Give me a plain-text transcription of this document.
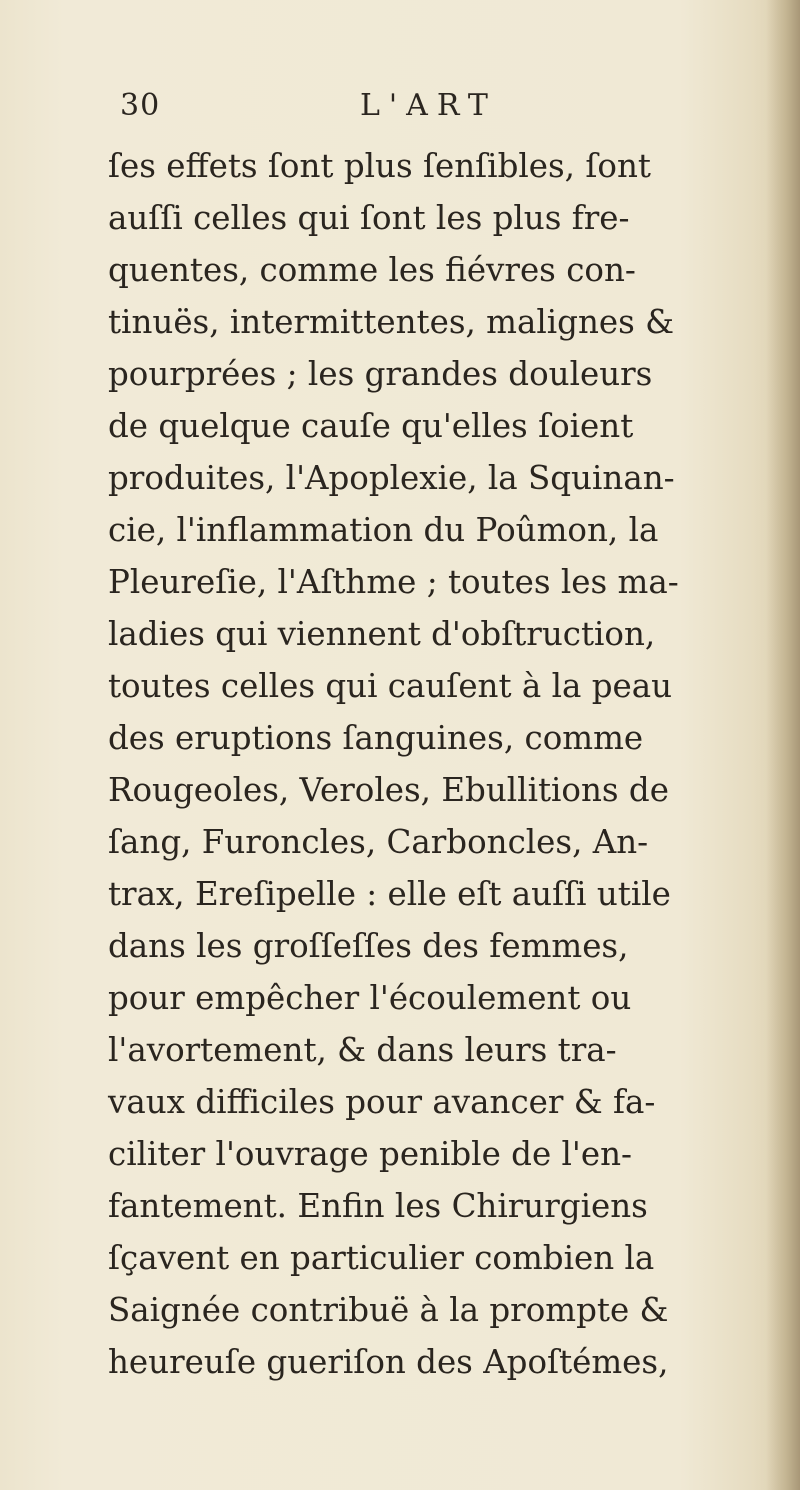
30	L'ART
ſes effets ſont plus ſenſibles, ſont
auſſi celles qui ſont les plus fre-
quentes, comme les fiévres con-
tinuës, intermittentes, malignes &
pourprées ; les grandes douleurs
de quelque cauſe qu'elles ſoient
produites, l'Apoplexie, la Squinan-
cie, l'inflammation du Poûmon, la
Pleureſie, l'Aſthme ; toutes les ma-
ladies qui viennent d'obſtruction,
toutes celles qui cauſent à la peau
des eruptions ſanguines, comme
Rougeoles, Veroles, Ebullitions de
ſang, Furoncles, Carboncles, An-
trax, Ereſipelle : elle eſt auſſi utile
dans les groſſeſſes des femmes,
pour empêcher l'écoulement ou
l'avortement, & dans leurs tra-
vaux difficiles pour avancer & fa-
ciliter l'ouvrage penible de l'en-
fantement. Enfin les Chirurgiens
ſçavent en particulier combien la
Saignée contribuë à la prompte &
heureuſe gueriſon des Apoſtémes,
